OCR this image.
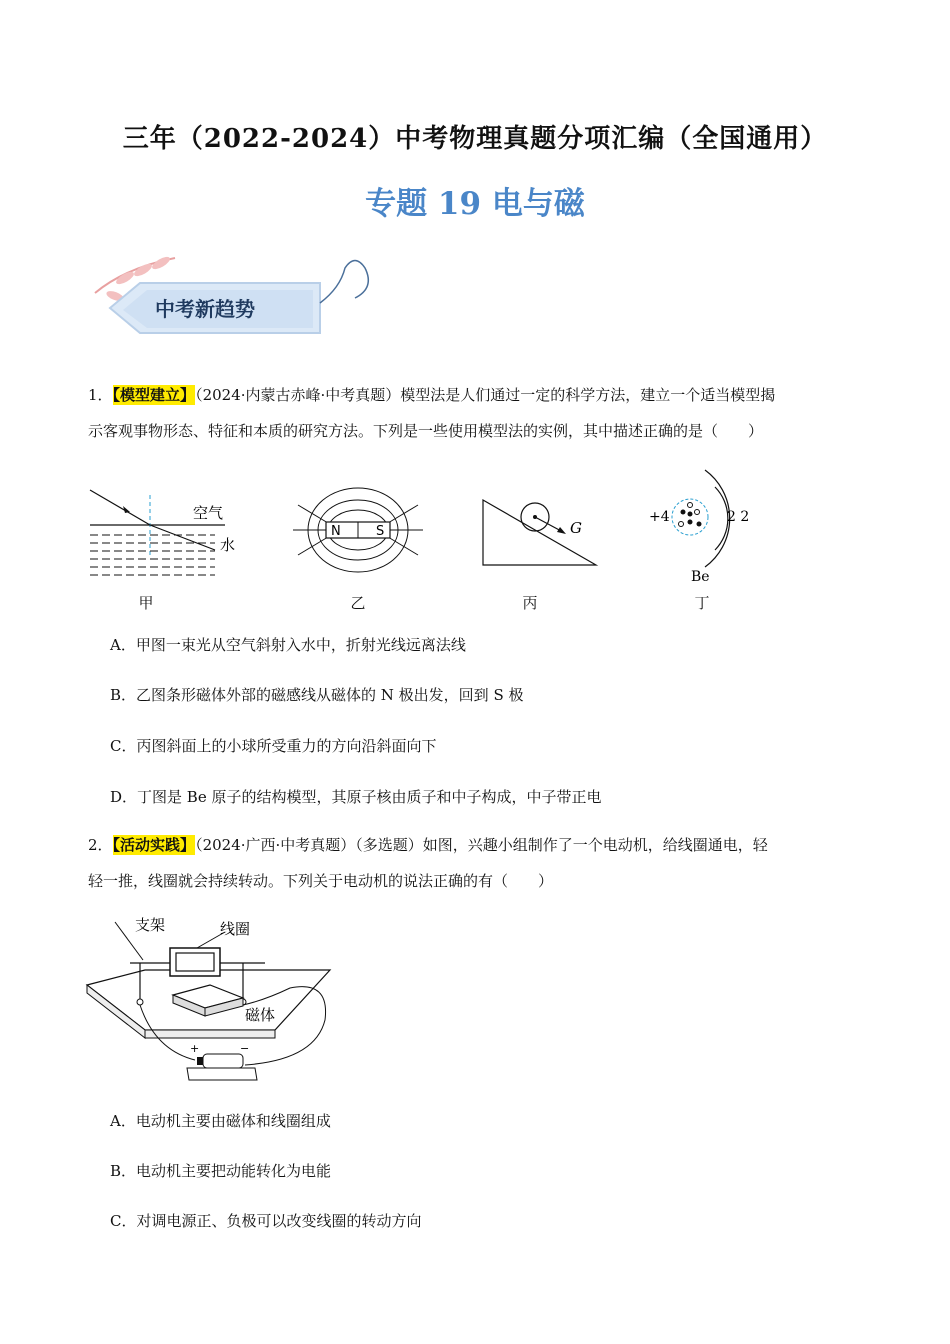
三年（2022-2024）中考物理真题分项汇编（全国通用）
专题 19 电与磁
中考新趋势
1．【模型建立】（2024·内蒙古赤峰·中考真题）模型法是人们通过一定的科学方法，建立一个适当模型揭
示客观事物形态、特征和本质的研究方法。下列是一些使用模型法的实例，其中描述正确的是（　　）
空气
水
N	S	G
+4	2 2
Be
甲	乙	丙	丁
A．甲图一束光从空气斜射入水中，折射光线远离法线
B．乙图条形磁体外部的磁感线从磁体的 N 极出发，回到 S 极
C．丙图斜面上的小球所受重力的方向沿斜面向下
D．丁图是 Be 原子的结构模型，其原子核由质子和中子构成，中子带正电
2．【活动实践】（2024·广西·中考真题）（多选题）如图，兴趣小组制作了一个电动机，给线圈通电，轻
轻一推，线圈就会持续转动。下列关于电动机的说法正确的有（　　）
支架	线圈
磁体
+	−
A．电动机主要由磁体和线圈组成
B．电动机主要把动能转化为电能
C．对调电源正、负极可以改变线圈的转动方向
